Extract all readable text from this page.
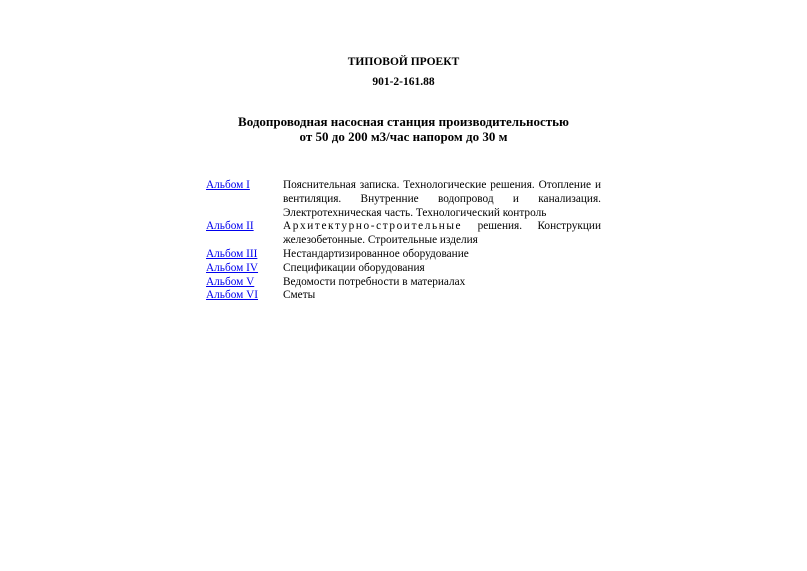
ТИПОВОЙ ПРОЕКТ
901-2-161.88
Водопроводная насосная станция производительностью
от 50 до 200 м3/час напором до 30 м
Альбом I	Пояснительная записка. Технологические решения. Отопление и вентиляция. Внутренние водопровод и канализация. Электротехническая часть. Технологический контроль
Альбом II	Архитектурно-строительные решения. Конструкции железобетонные. Строительные изделия
Альбом III	Нестандартизированное оборудование
Альбом IV	Спецификации оборудования
Альбом V	Ведомости потребности в материалах
Альбом VI	Сметы
